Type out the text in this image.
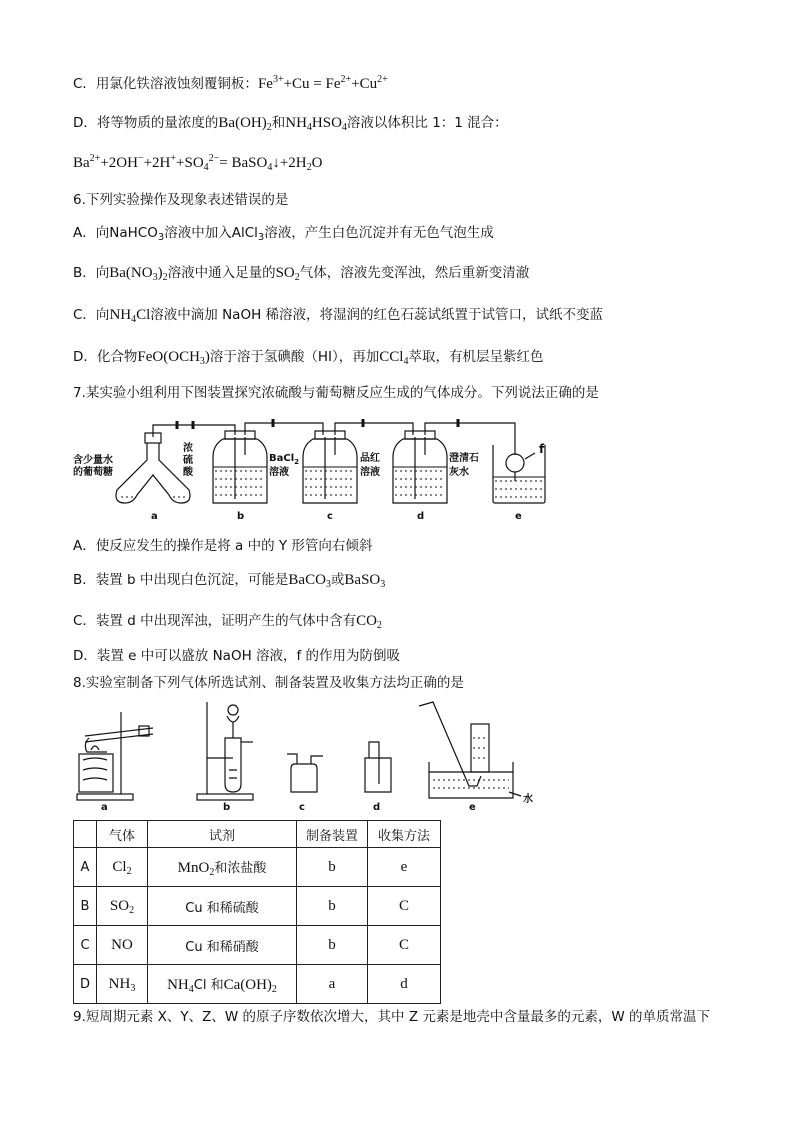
C．用氯化铁溶液蚀刻覆铜板：$Fe^{3+}+Cu = Fe^{2+}+Cu^{2+}$
D．将等物质的量浓度的$Ba(OH)_2$和$NH_4HSO_4$溶液以体积比 1：1 混合：
$Ba^{2+}+2OH^-+2H^++SO_4^{2-}=$ $BaSO_4↓+2H_2O$
6.下列实验操作及现象表述错误的是
A．向NaHCO$_3$溶液中加入AlCl$_3$溶液，产生白色沉淀并有无色气泡生成
B．向$Ba(NO_3)_2$溶液中通入足量的$SO_2$气体，溶液先变浑浊，然后重新变清澈
C．向$NH_4Cl$溶液中滴加 NaOH 稀溶液，将湿润的红色石蕊试纸置于试管口，试纸不变蓝
D．化合物$FeO(OCH_3)$溶于溶于氢碘酸（HI），再加CCl$_4$萃取，有机层呈紫红色
7.某实验小组利用下图装置探究浓硫酸与葡萄糖反应生成的气体成分。下列说法正确的是
含少量水
的葡萄糖
浓
硫
酸
BaCl$_2$
溶液
品红
溶液
澄清石
灰水
f
a	b	c	d	e
A．使反应发生的操作是将 a 中的 Y 形管向右倾斜
B．装置 b 中出现白色沉淀，可能是BaCO$_3$或BaSO$_3$
C．装置 d 中出现浑浊，证明产生的气体中含有$CO_2$
D．装置 e 中可以盛放 NaOH 溶液，f 的作用为防倒吸
8.实验室制备下列气体所选试剂、制备装置及收集方法均正确的是
a	b	c	d	e
水
	气体	试剂	制备装置	收集方法
A	$Cl_2$	MnO$_2$和浓盐酸	b	e
B	$SO_2$	Cu 和稀硫酸	b	C
C	NO	Cu 和稀硝酸	b	C
D	$NH_3$	$NH_4Cl$ 和$Ca(OH)_2$	a	d
9.短周期元素 X、Y、Z、W 的原子序数依次增大，其中 Z 元素是地壳中含量最多的元素，W 的单质常温下
